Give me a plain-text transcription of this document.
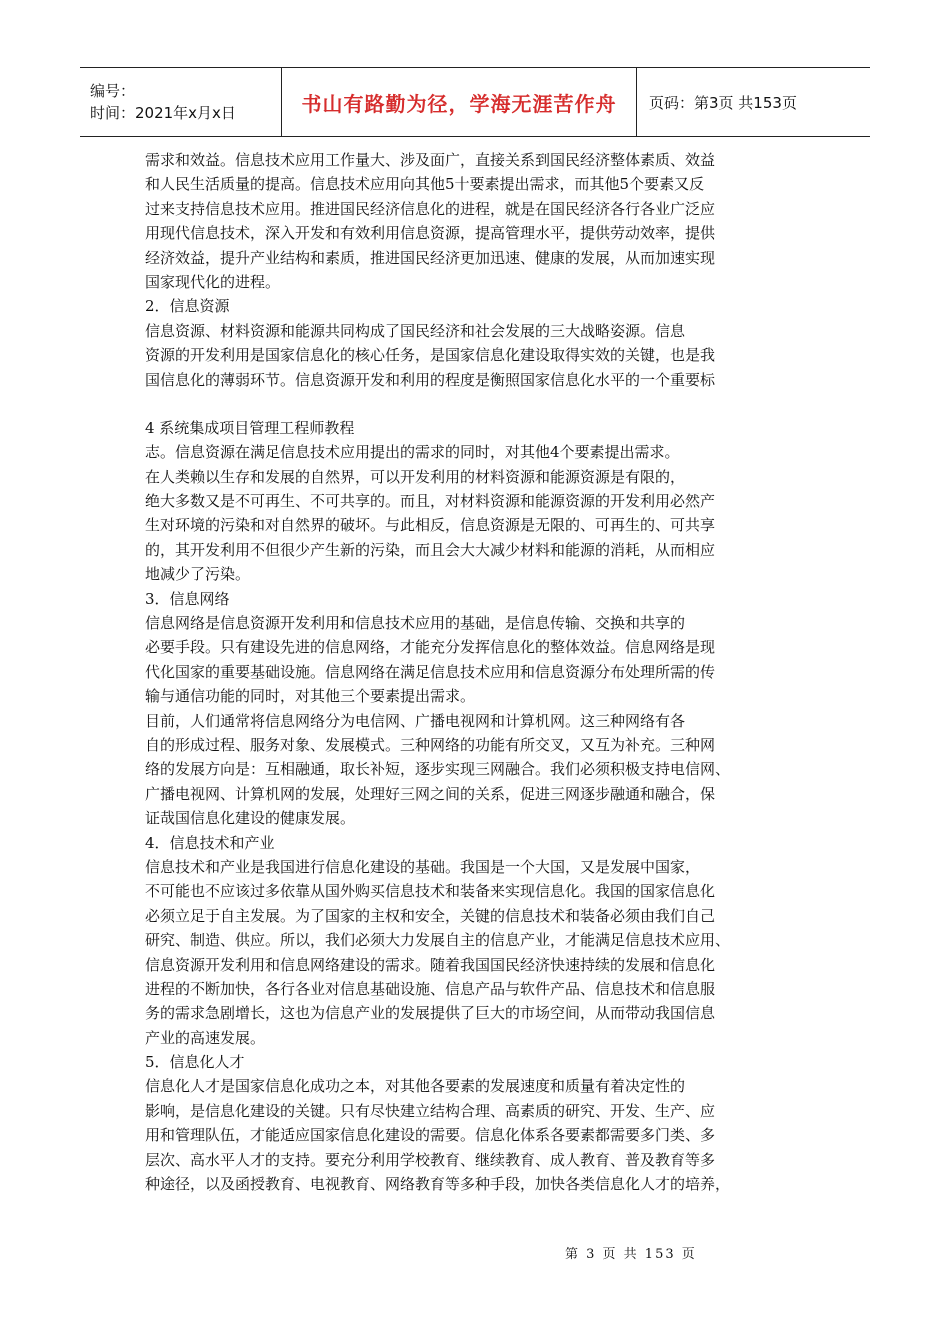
编号：
时间：2021年x月x日	书山有路勤为径，学海无涯苦作舟 页码：第3页 共153页
需求和效益。信息技术应用工作量大、涉及面广，直接关系到国民经济整体素质、效益
和人民生活质量的提高。信息技术应用向其他5十要素提出需求，而其他5个要素又反
过来支持信息技术应用。推进国民经济信息化的进程，就是在国民经济各行各业广泛应
用现代信息技术，深入开发和有效利用信息资源，提高管理水平，提供劳动效率，提供
经济效益，提升产业结构和素质，推进国民经济更加迅速、健康的发展，从而加速实现
国家现代化的进程。
2．信息资源
信息资源、材料资源和能源共同构成了国民经济和社会发展的三大战略姿源。信息
资源的开发利用是国家信息化的核心任务，是国家信息化建设取得实效的关键，也是我
国信息化的薄弱环节。信息资源开发和利用的程度是衡照国家信息化水平的一个重要标
4 系统集成项目管理工程师教程
志。信息资源在满足信息技术应用提出的需求的同时，对其他4个要素提出需求。
在人类赖以生存和发展的自然界，可以开发利用的材料资源和能源资源是有限的，
绝大多数又是不可再生、不可共享的。而且，对材料资源和能源资源的开发利用必然产
生对环境的污染和对自然界的破坏。与此相反，信息资源是无限的、可再生的、可共享
的，其开发利用不但很少产生新的污染，而且会大大减少材料和能源的消耗，从而相应
地减少了污染。
3．信息网络
信息网络是信息资源开发利用和信息技术应用的基础，是信息传输、交换和共享的
必要手段。只有建设先进的信息网络，才能充分发挥信息化的整体效益。信息网络是现
代化国家的重要基础设施。信息网络在满足信息技术应用和信息资源分布处理所需的传
输与通信功能的同时，对其他三个要素提出需求。
目前，人们通常将信息网络分为电信网、广播电视网和计算机网。这三种网络有各
自的形成过程、服务对象、发展模式。三种网络的功能有所交叉，又互为补充。三种网
络的发展方向是：互相融通，取长补短，逐步实现三网融合。我们必须积极支持电信网、
广播电视网、计算机网的发展，处理好三网之间的关系，促进三网逐步融通和融合，保
证哉国信息化建设的健康发展。
4．信息技术和产业
信息技术和产业是我国进行信息化建设的基础。我国是一个大国，又是发展中国家，
不可能也不应该过多依靠从国外购买信息技术和装备来实现信息化。我国的国家信息化
必须立足于自主发展。为了国家的主权和安全，关键的信息技术和装备必须由我们自己
研究、制造、供应。所以，我们必须大力发展自主的信息产业，才能满足信息技术应用、
信息资源开发利用和信息网络建设的需求。随着我国国民经济快速持续的发展和信息化
进程的不断加快，各行各业对信息基础设施、信息产品与软件产品、信息技术和信息服
务的需求急剧增长，这也为信息产业的发展提供了巨大的市场空间，从而带动我国信息
产业的高速发展。
5．信息化人才
信息化人才是国家信息化成功之本，对其他各要素的发展速度和质量有着决定性的
影响，是信息化建设的关键。只有尽快建立结构合理、高素质的研究、开发、生产、应
用和管理队伍，才能适应国家信息化建设的需要。信息化体系各要素都需要多门类、多
层次、高水平人才的支持。要充分利用学校教育、继续教育、成人教育、普及教育等多
种途径，以及函授教育、电视教育、网络教育等多种手段，加快各类信息化人才的培养，
第 3 页 共 153 页
